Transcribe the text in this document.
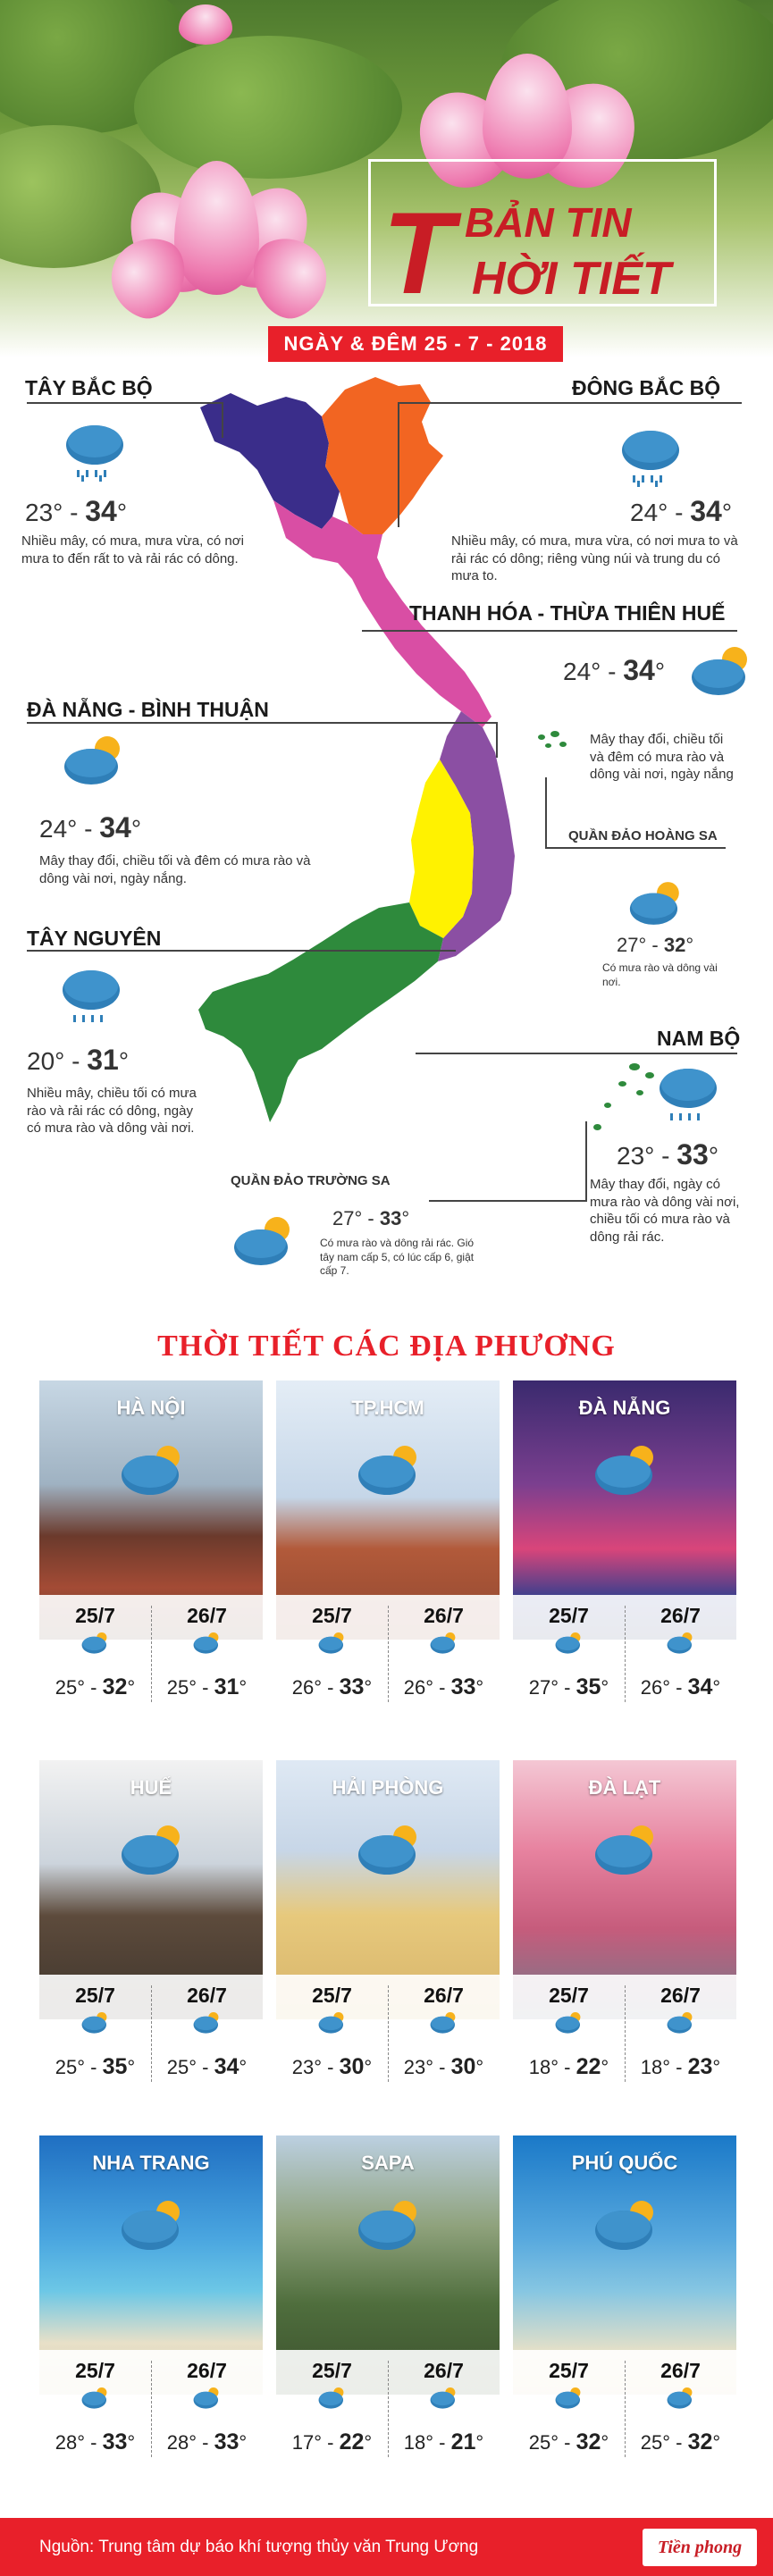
T BẢN TIN
HỜI TIẾT
NGÀY & ĐÊM 25 - 7 - 2018
TÂY BẮC BỘ
23° - 34°
Nhiều mây, có mưa, mưa vừa, có nơi mưa to đến rất to và rải rác có dông.
ĐÔNG BẮC BỘ
24° - 34°
Nhiều mây, có mưa, mưa vừa, có nơi mưa to và rải rác có dông; riêng vùng núi và trung du có mưa to.
THANH HÓA - THỪA THIÊN HUẾ
24° - 34°
Mây thay đổi, chiều tối và đêm có mưa rào và dông vài nơi, ngày nắng
ĐÀ NẴNG - BÌNH THUẬN
24° - 34°
Mây thay đổi, chiều tối và đêm có mưa rào và dông vài nơi, ngày nắng.
QUẦN ĐẢO HOÀNG SA
27° - 32°
Có mưa rào và dông vài nơi.
TÂY NGUYÊN
20° - 31°
Nhiều mây, chiều tối có mưa rào và rải rác có dông, ngày có mưa rào và dông vài nơi.
NAM BỘ
23° - 33°
Mây thay đổi, ngày có mưa rào và dông vài nơi, chiều tối có mưa rào và dông rải rác.
QUẦN ĐẢO TRƯỜNG SA
27° - 33°
Có mưa rào và dông rải rác. Gió tây nam cấp 5, có lúc cấp 6, giật cấp 7.
THỜI TIẾT CÁC ĐỊA PHƯƠNG
HÀ NỘI
25/7
25° - 32°
26/7
25° - 31°
TP.HCM
25/7
26° - 33°
26/7
26° - 33°
ĐÀ NẴNG
25/7
27° - 35°
26/7
26° - 34°
HUẾ
25/7
25° - 35°
26/7
25° - 34°
HẢI PHÒNG
25/7
23° - 30°
26/7
23° - 30°
ĐÀ LẠT
25/7
18° - 22°
26/7
18° - 23°
NHA TRANG
25/7
28° - 33°
26/7
28° - 33°
SAPA
25/7
17° - 22°
26/7
18° - 21°
PHÚ QUỐC
25/7
25° - 32°
26/7
25° - 32°
Nguồn: Trung tâm dự báo khí tượng thủy văn Trung Ương	Tiền phong
